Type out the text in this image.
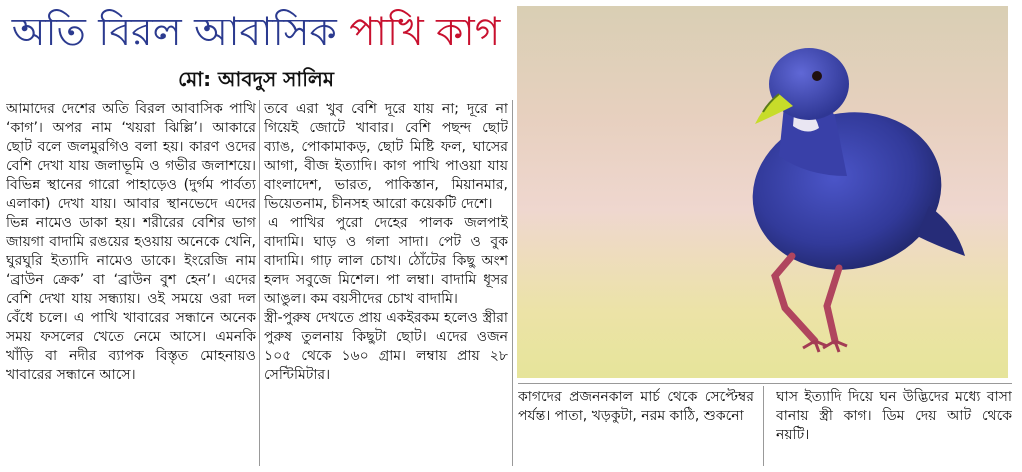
অতি বিরল আবাসিক পাখি কাগ
মো: আবদুস সালিম

আমাদের দেশের অতি বিরল আবাসিক পাখি ‘কাগ’। অপর নাম ‘খয়রা ঝিল্লি’। আকারে ছোট বলে জলমুরগিও বলা হয়। কারণ ওদের বেশি দেখা যায় জলাভূমি ও গভীর জলাশয়ে। বিভিন্ন স্থানের গারো পাহাড়েও (দুর্গম পার্বত্য এলাকা) দেখা যায়। আবার স্থানভেদে এদের ভিন্ন নামেও ডাকা হয়। শরীরের বেশির ভাগ জায়গা বাদামি রঙয়ের হওয়ায় অনেকে খেনি, ঘুরঘুরি ইত্যাদি নামেও ডাকে। ইংরেজি নাম ‘ব্রাউন ক্রেক’ বা ‘ব্রাউন বুশ হেন’। এদের বেশি দেখা যায় সন্ধ্যায়। ওই সময়ে ওরা দল বেঁধে চলে। এ পাখি খাবারের সন্ধানে অনেক সময় ফসলের খেতে নেমে আসে। এমনকি খাঁড়ি বা নদীর ব্যাপক বিস্তৃত মোহনায়ও খাবারের সন্ধানে আসে।

তবে এরা খুব বেশি দূরে যায় না; দূরে না গিয়েই জোটে খাবার। বেশি পছন্দ ছোট ব্যাঙ, পোকামাকড়, ছোট মিষ্টি ফল, ঘাসের আগা, বীজ ইত্যাদি। কাগ পাখি পাওয়া যায় বাংলাদেশ, ভারত, পাকিস্তান, মিয়ানমার, ভিয়েতনাম, চীনসহ আরো কয়েকটি দেশে।

এ পাখির পুরো দেহের পালক জলপাই বাদামি। ঘাড় ও গলা সাদা। পেট ও বুক বাদামি। গাঢ় লাল চোখ। ঠোঁটের কিছু অংশ হলদ সবুজে মিশেল। পা লম্বা। বাদামি ধূসর আঙুল। কম বয়সীদের চোখ বাদামি।

স্ত্রী-পুরুষ দেখতে প্রায় একইরকম হলেও স্ত্রীরা পুরুষ তুলনায় কিছুটা ছোট। এদের ওজন ১০৫ থেকে ১৬০ গ্রাম। লম্বায় প্রায় ২৮ সেন্টিমিটার।

কাগদের প্রজননকাল মার্চ থেকে সেপ্টেম্বর পর্যন্ত। পাতা, খড়কুটা, নরম কাঠি, শুকনো

ঘাস ইত্যাদি দিয়ে ঘন উদ্ভিদের মধ্যে বাসা বানায় স্ত্রী কাগ। ডিম দেয় আট থেকে নয়টি।
